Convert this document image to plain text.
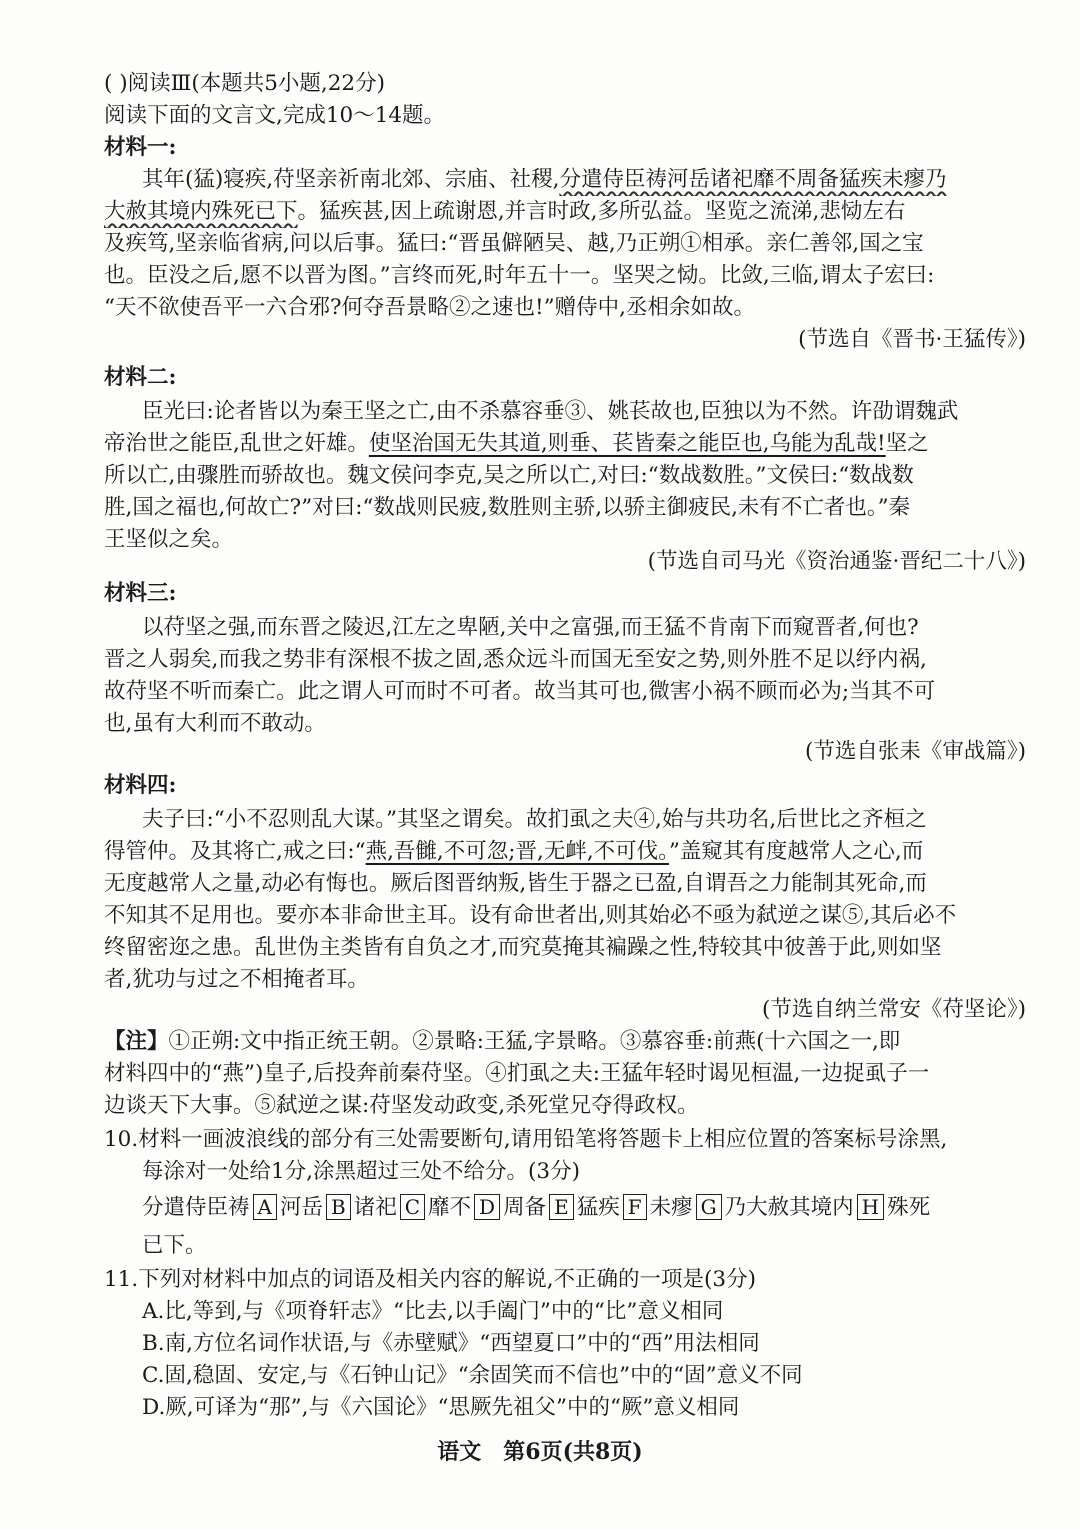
( )阅读Ⅲ(本题共5小题,22分)
阅读下面的文言文,完成10～14题。
材料一:
其年(猛)寝疾,苻坚亲祈南北郊、宗庙、社稷,分遣侍臣祷河岳诸祀靡不周备猛疾未瘳乃
大赦其境内殊死已下。猛疾甚,因上疏谢恩,并言时政,多所弘益。坚览之流涕,悲恸左右
及疾笃,坚亲临省病,问以后事。猛曰:“晋虽僻陋吴、越,乃正朔①相承。亲仁善邻,国之宝
也。臣没之后,愿不以晋为图。”言终而死,时年五十一。坚哭之恸。比敛,三临,谓太子宏曰:
“天不欲使吾平一六合邪?何夺吾景略②之速也!”赠侍中,丞相余如故。
(节选自《晋书·王猛传》)
材料二:
臣光曰:论者皆以为秦王坚之亡,由不杀慕容垂③、姚苌故也,臣独以为不然。许劭谓魏武
帝治世之能臣,乱世之奸雄。使坚治国无失其道,则垂、苌皆秦之能臣也,乌能为乱哉!坚之
所以亡,由骤胜而骄故也。魏文侯问李克,吴之所以亡,对曰:“数战数胜。”文侯曰:“数战数
胜,国之福也,何故亡?”对曰:“数战则民疲,数胜则主骄,以骄主御疲民,未有不亡者也。”秦
王坚似之矣。
(节选自司马光《资治通鉴·晋纪二十八》)
材料三:
以苻坚之强,而东晋之陵迟,江左之卑陋,关中之富强,而王猛不肯南下而窥晋者,何也?
晋之人弱矣,而我之势非有深根不拔之固,悉众远斗而国无至安之势,则外胜不足以纾内祸,
故苻坚不听而秦亡。此之谓人可而时不可者。故当其可也,微害小祸不顾而必为;当其不可
也,虽有大利而不敢动。
(节选自张耒《审战篇》)
材料四:
夫子曰:“小不忍则乱大谋。”其坚之谓矣。故扪虱之夫④,始与共功名,后世比之齐桓之
得管仲。及其将亡,戒之曰:“燕,吾雠,不可忽;晋,无衅,不可伐。”盖窥其有度越常人之心,而
无度越常人之量,动必有悔也。厥后图晋纳叛,皆生于器之已盈,自谓吾之力能制其死命,而
不知其不足用也。要亦本非命世主耳。设有命世者出,则其始必不亟为弑逆之谋⑤,其后必不
终留密迩之患。乱世伪主类皆有自负之才,而究莫掩其褊躁之性,特较其中彼善于此,则如坚
者,犹功与过之不相掩者耳。
(节选自纳兰常安《苻坚论》)
【注】①正朔:文中指正统王朝。②景略:王猛,字景略。③慕容垂:前燕(十六国之一,即
材料四中的“燕”)皇子,后投奔前秦苻坚。④扪虱之夫:王猛年轻时谒见桓温,一边捉虱子一
边谈天下大事。⑤弑逆之谋:苻坚发动政变,杀死堂兄夺得政权。
10.材料一画波浪线的部分有三处需要断句,请用铅笔将答题卡上相应位置的答案标号涂黑,
每涂对一处给1分,涂黑超过三处不给分。(3分)
分遣侍臣祷 A 河岳 B 诸祀 C 靡不 D 周备 E 猛疾 F 未瘳 G 乃大赦其境内 H 殊死
已下。
11.下列对材料中加点的词语及相关内容的解说,不正确的一项是(3分)
A.比,等到,与《项脊轩志》“比去,以手阖门”中的“比”意义相同
B.南,方位名词作状语,与《赤壁赋》“西望夏口”中的“西”用法相同
C.固,稳固、安定,与《石钟山记》“余固笑而不信也”中的“固”意义不同
D.厥,可译为“那”,与《六国论》“思厥先祖父”中的“厥”意义相同
语文　第6页(共8页)
